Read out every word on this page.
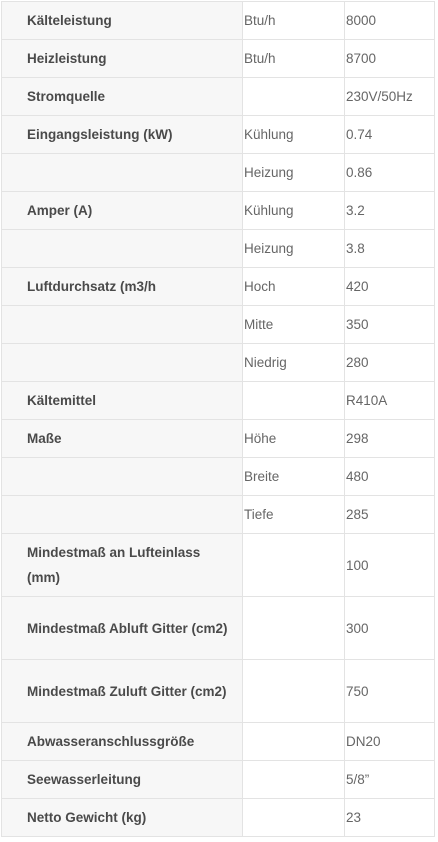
Kälteleistung	Btu/h	8000

Heizleistung	Btu/h	8700

Stromquelle		230V/50Hz

Eingangsleistung (kW)	Kühlung	0.74

	Heizung	0.86

Amper (A)	Kühlung	3.2

	Heizung	3.8

Luftdurchsatz (m3/h	Hoch	420

	Mitte	350

	Niedrig	280

Kältemittel		R410A

Maße	Höhe	298

	Breite	480

	Tiefe	285

Mindestmaß an Lufteinlass (mm)		100

Mindestmaß Abluft Gitter (cm2)		300

Mindestmaß Zuluft Gitter (cm2)		750

Abwasseranschlussgröße		DN20

Seewasserleitung		5/8”

Netto Gewicht (kg)		23
